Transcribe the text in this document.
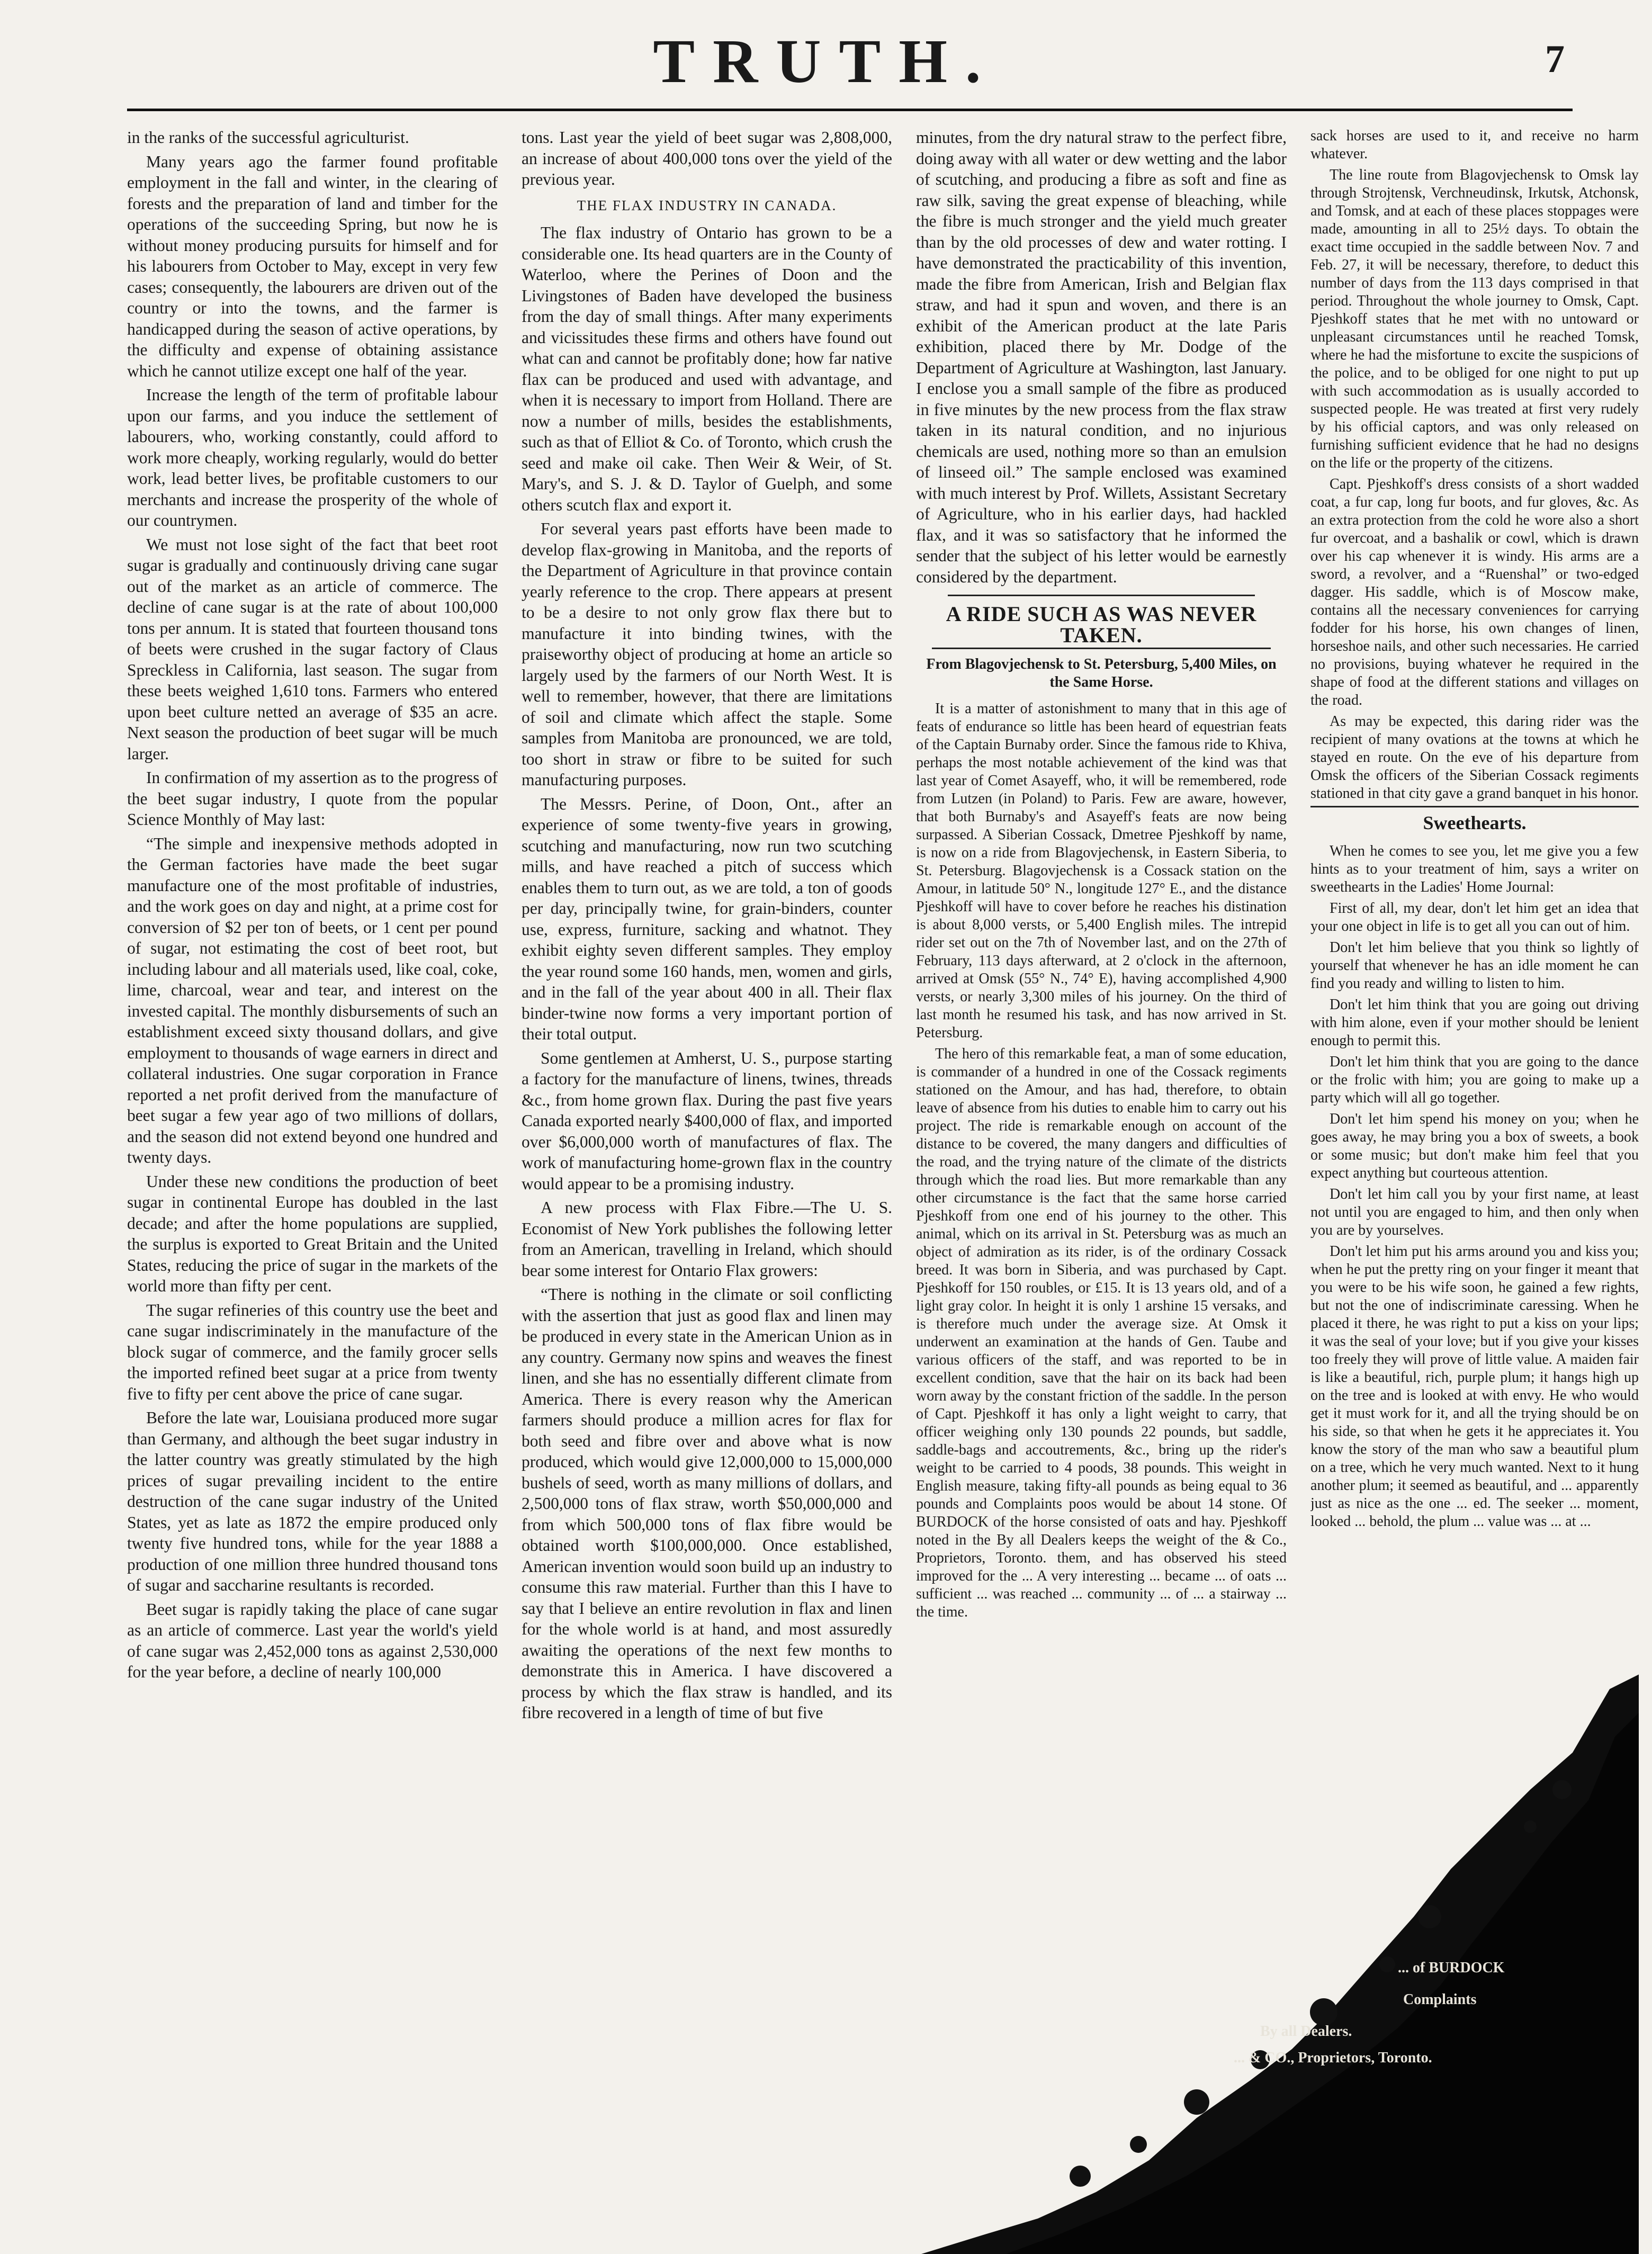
TRUTH.	7

in the ranks of the successful agriculturist.

Many years ago the farmer found profitable employment in the fall and winter, in the clearing of forests and the preparation of land and timber for the operations of the succeeding Spring, but now he is without money producing pursuits for himself and for his labourers from October to May, except in very few cases; consequently, the labourers are driven out of the country or into the towns, and the farmer is handicapped during the season of active operations, by the difficulty and expense of obtaining assistance which he cannot utilize except one half of the year.

Increase the length of the term of profitable labour upon our farms, and you induce the settlement of labourers, who, working constantly, could afford to work more cheaply, working regularly, would do better work, lead better lives, be profitable customers to our merchants and increase the prosperity of the whole of our countrymen.

We must not lose sight of the fact that beet root sugar is gradually and continuously driving cane sugar out of the market as an article of commerce. The decline of cane sugar is at the rate of about 100,000 tons per annum. It is stated that fourteen thousand tons of beets were crushed in the sugar factory of Claus Spreckless in California, last season. The sugar from these beets weighed 1,610 tons. Farmers who entered upon beet culture netted an average of $35 an acre. Next season the production of beet sugar will be much larger.

In confirmation of my assertion as to the progress of the beet sugar industry, I quote from the popular Science Monthly of May last:

“The simple and inexpensive methods adopted in the German factories have made the beet sugar manufacture one of the most profitable of industries, and the work goes on day and night, at a prime cost for conversion of $2 per ton of beets, or 1 cent per pound of sugar, not estimating the cost of beet root, but including labour and all materials used, like coal, coke, lime, charcoal, wear and tear, and interest on the invested capital. The monthly disbursements of such an establishment exceed sixty thousand dollars, and give employment to thousands of wage earners in direct and collateral industries. One sugar corporation in France reported a net profit derived from the manufacture of beet sugar a few year ago of two millions of dollars, and the season did not extend beyond one hundred and twenty days.

Under these new conditions the production of beet sugar in continental Europe has doubled in the last decade; and after the home populations are supplied, the surplus is exported to Great Britain and the United States, reducing the price of sugar in the markets of the world more than fifty per cent.

The sugar refineries of this country use the beet and cane sugar indiscriminately in the manufacture of the block sugar of commerce, and the family grocer sells the imported refined beet sugar at a price from twenty five to fifty per cent above the price of cane sugar.

Before the late war, Louisiana produced more sugar than Germany, and although the beet sugar industry in the latter country was greatly stimulated by the high prices of sugar prevailing incident to the entire destruction of the cane sugar industry of the United States, yet as late as 1872 the empire produced only twenty five hundred tons, while for the year 1888 a production of one million three hundred thousand tons of sugar and saccharine resultants is recorded.

Beet sugar is rapidly taking the place of cane sugar as an article of commerce. Last year the world's yield of cane sugar was 2,452,000 tons as against 2,530,000 for the year before, a decline of nearly 100,000

tons. Last year the yield of beet sugar was 2,808,000, an increase of about 400,000 tons over the yield of the previous year.

THE FLAX INDUSTRY IN CANADA.

The flax industry of Ontario has grown to be a considerable one. Its head quarters are in the County of Waterloo, where the Perines of Doon and the Livingstones of Baden have developed the business from the day of small things. After many experiments and vicissitudes these firms and others have found out what can and cannot be profitably done; how far native flax can be produced and used with advantage, and when it is necessary to import from Holland. There are now a number of mills, besides the establishments, such as that of Elliot & Co. of Toronto, which crush the seed and make oil cake. Then Weir & Weir, of St. Mary's, and S. J. & D. Taylor of Guelph, and some others scutch flax and export it.

For several years past efforts have been made to develop flax-growing in Manitoba, and the reports of the Department of Agriculture in that province contain yearly reference to the crop. There appears at present to be a desire to not only grow flax there but to manufacture it into binding twines, with the praiseworthy object of producing at home an article so largely used by the farmers of our North West. It is well to remember, however, that there are limitations of soil and climate which affect the staple. Some samples from Manitoba are pronounced, we are told, too short in straw or fibre to be suited for such manufacturing purposes.

The Messrs. Perine, of Doon, Ont., after an experience of some twenty-five years in growing, scutching and manufacturing, now run two scutching mills, and have reached a pitch of success which enables them to turn out, as we are told, a ton of goods per day, principally twine, for grain-binders, counter use, express, furniture, sacking and whatnot. They exhibit eighty seven different samples. They employ the year round some 160 hands, men, women and girls, and in the fall of the year about 400 in all. Their flax binder-twine now forms a very important portion of their total output.

Some gentlemen at Amherst, U. S., purpose starting a factory for the manufacture of linens, twines, threads &c., from home grown flax. During the past five years Canada exported nearly $400,000 of flax, and imported over $6,000,000 worth of manufactures of flax. The work of manufacturing home-grown flax in the country would appear to be a promising industry.

A new process with Flax Fibre.—The U. S. Economist of New York publishes the following letter from an American, travelling in Ireland, which should bear some interest for Ontario Flax growers:

“There is nothing in the climate or soil conflicting with the assertion that just as good flax and linen may be produced in every state in the American Union as in any country. Germany now spins and weaves the finest linen, and she has no essentially different climate from America. There is every reason why the American farmers should produce a million acres for flax for both seed and fibre over and above what is now produced, which would give 12,000,000 to 15,000,000 bushels of seed, worth as many millions of dollars, and 2,500,000 tons of flax straw, worth $50,000,000 and from which 500,000 tons of flax fibre would be obtained worth $100,000,000. Once established, American invention would soon build up an industry to consume this raw material. Further than this I have to say that I believe an entire revolution in flax and linen for the whole world is at hand, and most assuredly awaiting the operations of the next few months to demonstrate this in America. I have discovered a process by which the flax straw is handled, and its fibre recovered in a length of time of but five

minutes, from the dry natural straw to the perfect fibre, doing away with all water or dew wetting and the labor of scutching, and producing a fibre as soft and fine as raw silk, saving the great expense of bleaching, while the fibre is much stronger and the yield much greater than by the old processes of dew and water rotting. I have demonstrated the practicability of this invention, made the fibre from American, Irish and Belgian flax straw, and had it spun and woven, and there is an exhibit of the American product at the late Paris exhibition, placed there by Mr. Dodge of the Department of Agriculture at Washington, last January. I enclose you a small sample of the fibre as produced in five minutes by the new process from the flax straw taken in its natural condition, and no injurious chemicals are used, nothing more so than an emulsion of linseed oil.” The sample enclosed was examined with much interest by Prof. Willets, Assistant Secretary of Agriculture, who in his earlier days, had hackled flax, and it was so satisfactory that he informed the sender that the subject of his letter would be earnestly considered by the department.

A RIDE SUCH AS WAS NEVER TAKEN.
From Blagovjechensk to St. Petersburg, 5,400 Miles, on the Same Horse.

It is a matter of astonishment to many that in this age of feats of endurance so little has been heard of equestrian feats of the Captain Burnaby order. Since the famous ride to Khiva, perhaps the most notable achievement of the kind was that last year of Comet Asayeff, who, it will be remembered, rode from Lutzen (in Poland) to Paris. Few are aware, however, that both Burnaby's and Asayeff's feats are now being surpassed. A Siberian Cossack, Dmetree Pjeshkoff by name, is now on a ride from Blagovjechensk, in Eastern Siberia, to St. Petersburg. Blagovjechensk is a Cossack station on the Amour, in latitude 50° N., longitude 127° E., and the distance Pjeshkoff will have to cover before he reaches his distination is about 8,000 versts, or 5,400 English miles. The intrepid rider set out on the 7th of November last, and on the 27th of February, 113 days afterward, at 2 o'clock in the afternoon, arrived at Omsk (55° N., 74° E), having accomplished 4,900 versts, or nearly 3,300 miles of his journey. On the third of last month he resumed his task, and has now arrived in St. Petersburg.

The hero of this remarkable feat, a man of some education, is commander of a hundred in one of the Cossack regiments stationed on the Amour, and has had, therefore, to obtain leave of absence from his duties to enable him to carry out his project. The ride is remarkable enough on account of the distance to be covered, the many dangers and difficulties of the road, and the trying nature of the climate of the districts through which the road lies. But more remarkable than any other circumstance is the fact that the same horse carried Pjeshkoff from one end of his journey to the other. This animal, which on its arrival in St. Petersburg was as much an object of admiration as its rider, is of the ordinary Cossack breed. It was born in Siberia, and was purchased by Capt. Pjeshkoff for 150 roubles, or £15. It is 13 years old, and of a light gray color. In height it is only 1 arshine 15 versaks, and is therefore much under the average size. At Omsk it underwent an examination at the hands of Gen. Taube and various officers of the staff, and was reported to be in excellent condition, save that the hair on its back had been worn away by the constant friction of the saddle. In the person of Capt. Pjeshkoff it has only a light weight to carry, that officer weighing only 130 pounds 22 pounds, but saddle, saddle-bags and accoutrements, &c., bring up the rider's weight to be carried to 4 poods, 38 pounds. This weight in English measure, taking fifty-all pounds as being equal to 36 pounds and Complaints poos would be about 14 stone. Of BURDOCK of the horse consisted of oats and hay. Pjeshkoff noted in the By all Dealers keeps the weight of the & Co., Proprietors, Toronto. them, and has observed his steed improved for the ... A very interesting ... became ... of oats ... sufficient ... was reached ... community ... of ... a stairway ... the time.

sack horses are used to it, and receive no harm whatever.

The line route from Blagovjechensk to Omsk lay through Strojtensk, Verchneudinsk, Irkutsk, Atchonsk, and Tomsk, and at each of these places stoppages were made, amounting in all to 25½ days. To obtain the exact time occupied in the saddle between Nov. 7 and Feb. 27, it will be necessary, therefore, to deduct this number of days from the 113 days comprised in that period. Throughout the whole journey to Omsk, Capt. Pjeshkoff states that he met with no untoward or unpleasant circumstances until he reached Tomsk, where he had the misfortune to excite the suspicions of the police, and to be obliged for one night to put up with such accommodation as is usually accorded to suspected people. He was treated at first very rudely by his official captors, and was only released on furnishing sufficient evidence that he had no designs on the life or the property of the citizens.

Capt. Pjeshkoff's dress consists of a short wadded coat, a fur cap, long fur boots, and fur gloves, &c. As an extra protection from the cold he wore also a short fur overcoat, and a bashalik or cowl, which is drawn over his cap whenever it is windy. His arms are a sword, a revolver, and a “Ruenshal” or two-edged dagger. His saddle, which is of Moscow make, contains all the necessary conveniences for carrying fodder for his horse, his own changes of linen, horseshoe nails, and other such necessaries. He carried no provisions, buying whatever he required in the shape of food at the different stations and villages on the road.

As may be expected, this daring rider was the recipient of many ovations at the towns at which he stayed en route. On the eve of his departure from Omsk the officers of the Siberian Cossack regiments stationed in that city gave a grand banquet in his honor.

Sweethearts.

When he comes to see you, let me give you a few hints as to your treatment of him, says a writer on sweethearts in the Ladies' Home Journal:

First of all, my dear, don't let him get an idea that your one object in life is to get all you can out of him.

Don't let him believe that you think so lightly of yourself that whenever he has an idle moment he can find you ready and willing to listen to him.

Don't let him think that you are going out driving with him alone, even if your mother should be lenient enough to permit this.

Don't let him think that you are going to the dance or the frolic with him; you are going to make up a party which will all go together.

Don't let him spend his money on you; when he goes away, he may bring you a box of sweets, a book or some music; but don't make him feel that you expect anything but courteous attention.

Don't let him call you by your first name, at least not until you are engaged to him, and then only when you are by yourselves.

Don't let him put his arms around you and kiss you; when he put the pretty ring on your finger it meant that you were to be his wife soon, he gained a few rights, but not the one of indiscriminate caressing. When he placed it there, he was right to put a kiss on your lips; it was the seal of your love; but if you give your kisses too freely they will prove of little value. A maiden fair is like a beautiful, rich, purple plum; it hangs high up on the tree and is looked at with envy. He who would get it must work for it, and all the trying should be on his side, so that when he gets it he appreciates it. You know the story of the man who saw a beautiful plum on a tree, which he very much wanted. Next to it hung another plum; it seemed as beautiful, and ... apparently just as nice as the one ... ed. The seeker ... moment, looked ... behold, the plum ... value was ... at ...

... & CO., Proprietors, Toronto.
By all Dealers.
Complaints
... of BURDOCK
